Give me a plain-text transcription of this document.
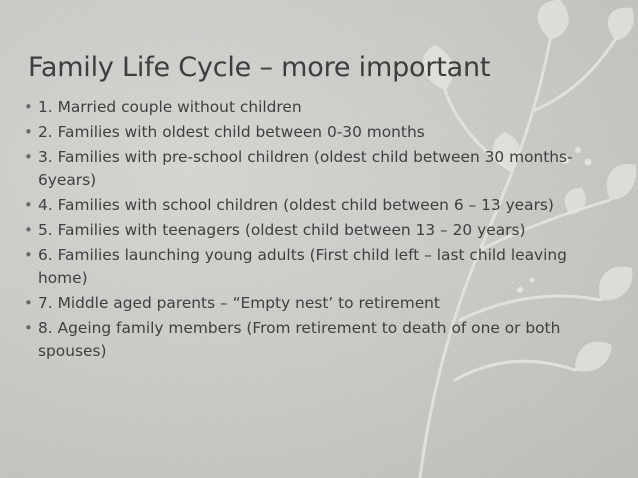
Family Life Cycle – more important
• 1. Married couple without children
• 2. Families with oldest child between 0-30 months
• 3. Families with pre-school children (oldest child between 30 months-6years)
• 4. Families with school children (oldest child between 6 – 13 years)
• 5. Families with teenagers (oldest child between 13 – 20 years)
• 6. Families launching young adults (First child left – last child leaving home)
• 7. Middle aged parents – “Empty nest’ to retirement
• 8. Ageing family members (From retirement to death of one or both spouses)
